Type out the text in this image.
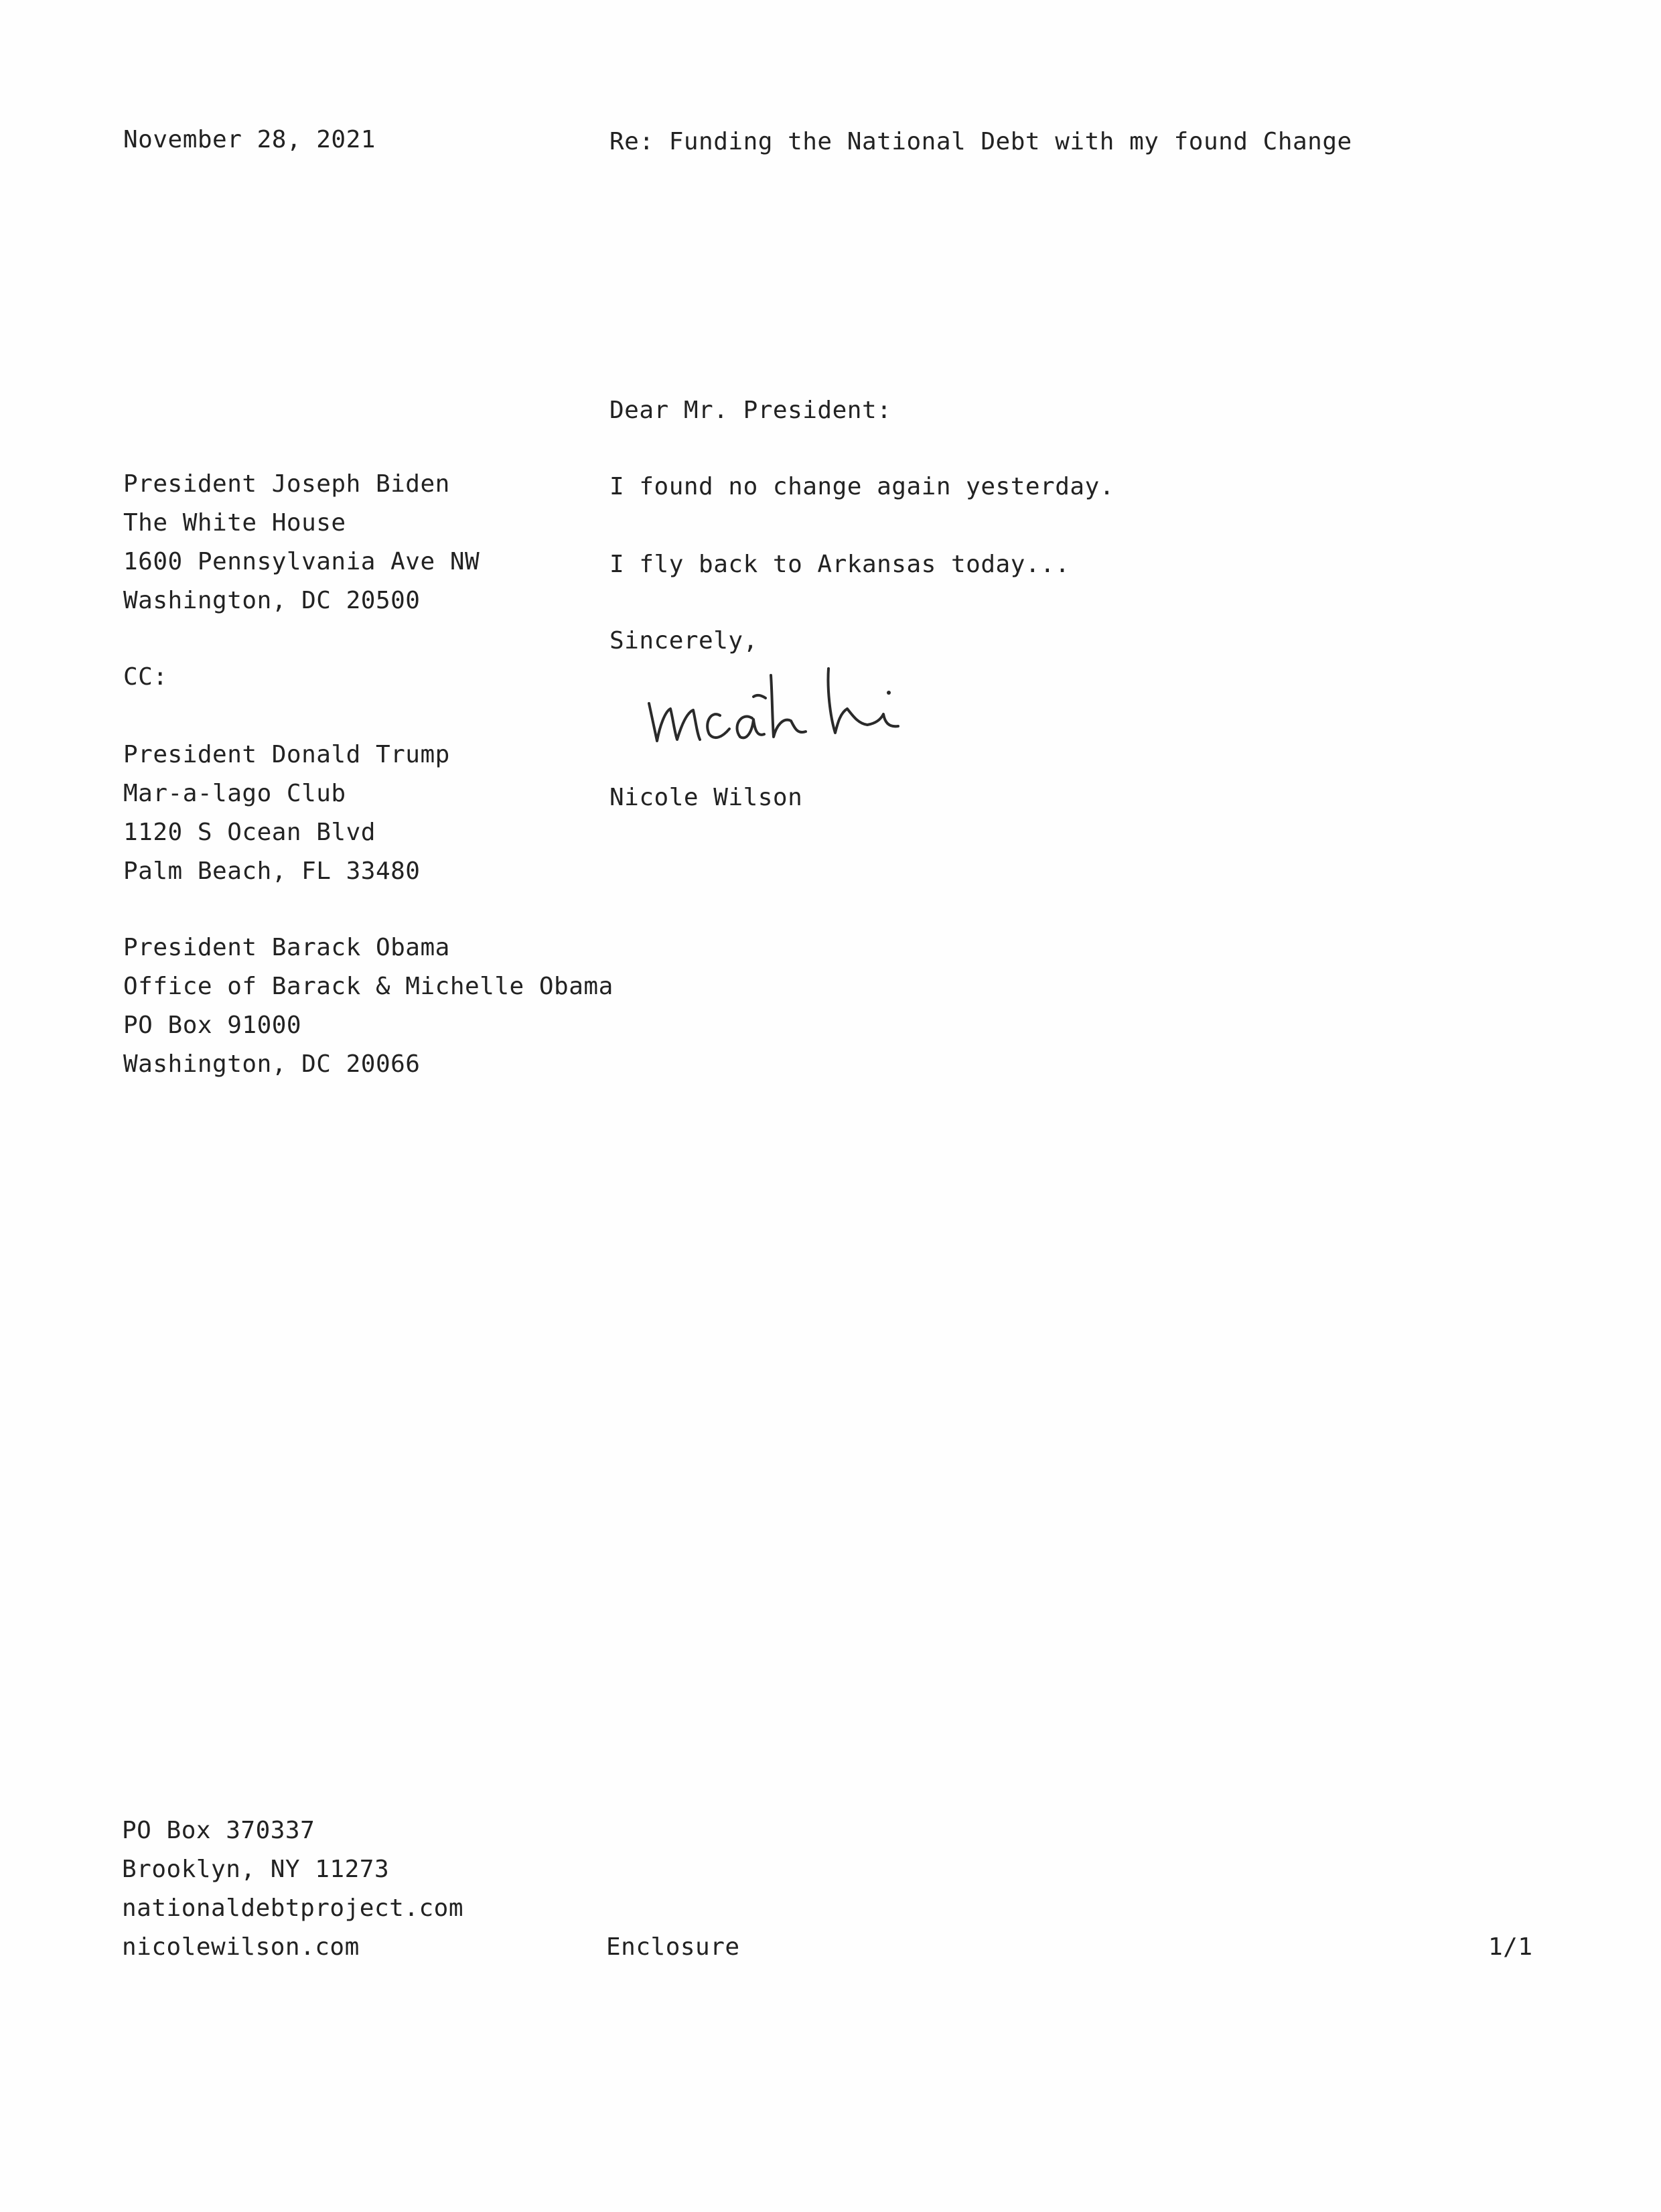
November 28, 2021	Re: Funding the National Debt with my found Change
Dear Mr. President:
President Joseph Biden
The White House
1600 Pennsylvania Ave NW
Washington, DC 20500
I found no change again yesterday.
I fly back to Arkansas today...
Sincerely,
CC:
President Donald Trump
Mar-a-lago Club
1120 S Ocean Blvd
Palm Beach, FL 33480
Nicole Wilson
President Barack Obama
Office of Barack & Michelle Obama
PO Box 91000
Washington, DC 20066
PO Box 370337
Brooklyn, NY 11273
nationaldebtproject.com
nicolewilson.com	Enclosure	1/1
